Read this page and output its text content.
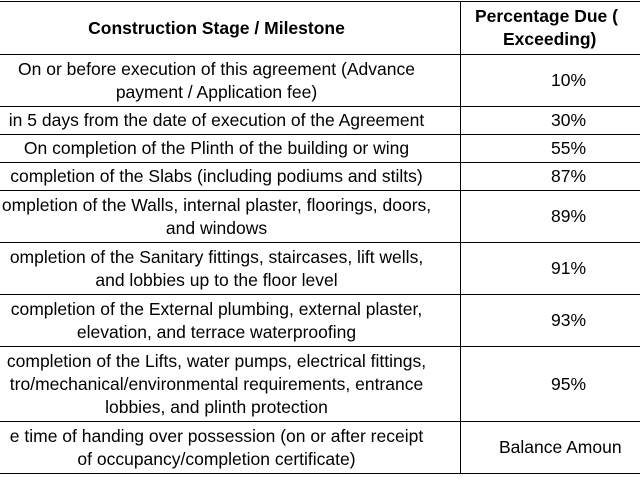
Construction Stage / Milestone	Percentage Due (
Exceeding)
On or before execution of this agreement (Advance
payment / Application fee)	10%
in 5 days from the date of execution of the Agreement	30%
On completion of the Plinth of the building or wing	55%
completion of the Slabs (including podiums and stilts)	87%
ompletion of the Walls, internal plaster, floorings, doors,
and windows	89%
ompletion of the Sanitary fittings, staircases, lift wells,
and lobbies up to the floor level	91%
completion of the External plumbing, external plaster,
elevation, and terrace waterproofing	93%
completion of the Lifts, water pumps, electrical fittings,
tro/mechanical/environmental requirements, entrance
lobbies, and plinth protection	95%
e time of handing over possession (on or after receipt
of occupancy/completion certificate)	Balance Amoun
